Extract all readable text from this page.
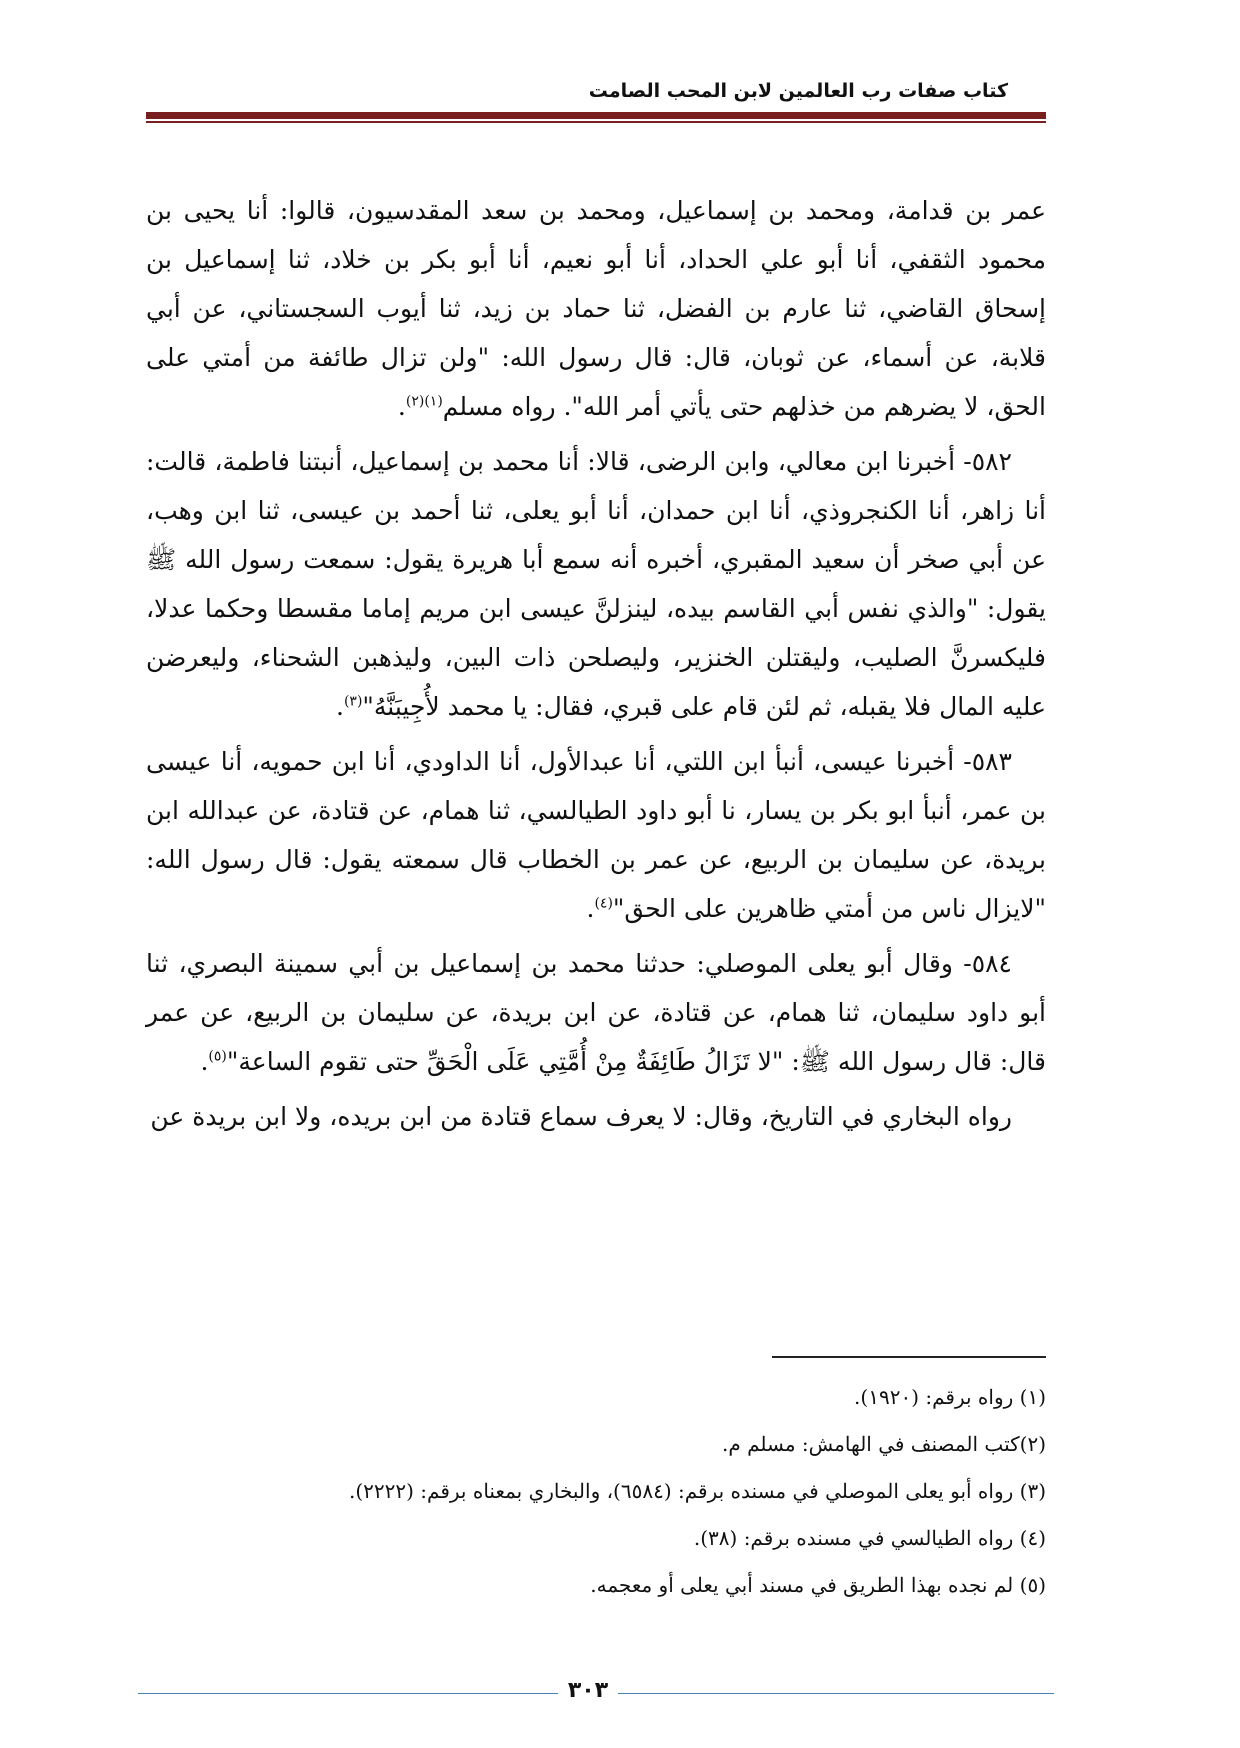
كتاب صفات رب العالمين لابن المحب الصامت

عمر بن قدامة، ومحمد بن إسماعيل، ومحمد بن سعد المقدسيون، قالوا: أنا يحيى بن محمود الثقفي، أنا أبو علي الحداد، أنا أبو نعيم، أنا أبو بكر بن خلاد، ثنا إسماعيل بن إسحاق القاضي، ثنا عارم بن الفضل، ثنا حماد بن زيد، ثنا أيوب السجستاني، عن أبي قلابة، عن أسماء، عن ثوبان، قال: قال رسول الله: "ولن تزال طائفة من أمتي على الحق، لا يضرهم من خذلهم حتى يأتي أمر الله". رواه مسلم$^{(١)(٢)}$.

٥٨٢- أخبرنا ابن معالي، وابن الرضى، قالا: أنا محمد بن إسماعيل، أنبتنا فاطمة، قالت: أنا زاهر، أنا الكنجروذي، أنا ابن حمدان، أنا أبو يعلى، ثنا أحمد بن عيسى، ثنا ابن وهب، عن أبي صخر أن سعيد المقبري، أخبره أنه سمع أبا هريرة يقول: سمعت رسول الله ﷺ يقول: "والذي نفس أبي القاسم بيده، لينزلنَّ عيسى ابن مريم إماما مقسطا وحكما عدلا، فليكسرنَّ الصليب، وليقتلن الخنزير، وليصلحن ذات البين، وليذهبن الشحناء، وليعرضن عليه المال فلا يقبله، ثم لئن قام على قبري، فقال: يا محمد لأُجِيبَنَّهُ"$^{(٣)}$.

٥٨٣- أخبرنا عيسى، أنبأ ابن اللتي، أنا عبدالأول، أنا الداودي، أنا ابن حمويه، أنا عيسى بن عمر، أنبأ ابو بكر بن يسار، نا أبو داود الطيالسي، ثنا همام، عن قتادة، عن عبدالله ابن بريدة، عن سليمان بن الربيع، عن عمر بن الخطاب قال سمعته يقول: قال رسول الله: "لايزال ناس من أمتي ظاهرين على الحق"$^{(٤)}$.

٥٨٤- وقال أبو يعلى الموصلي: حدثنا محمد بن إسماعيل بن أبي سمينة البصري، ثنا أبو داود سليمان، ثنا همام، عن قتادة، عن ابن بريدة، عن سليمان بن الربيع، عن عمر قال: قال رسول الله ﷺ: "لا تَزَالُ طَائِفَةٌ مِنْ أُمَّتِي عَلَى الْحَقِّ حتى تقوم الساعة"$^{(٥)}$.

رواه البخاري في التاريخ، وقال: لا يعرف سماع قتادة من ابن بريده، ولا ابن بريدة عن

(١) رواه برقم: (١٩٢٠).
(٢)كتب المصنف في الهامش: مسلم م.
(٣) رواه أبو يعلى الموصلي في مسنده برقم: (٦٥٨٤)، والبخاري بمعناه برقم: (٢٢٢٢).
(٤) رواه الطيالسي في مسنده برقم: (٣٨).
(٥) لم نجده بهذا الطريق في مسند أبي يعلى أو معجمه.
٣٠٣
